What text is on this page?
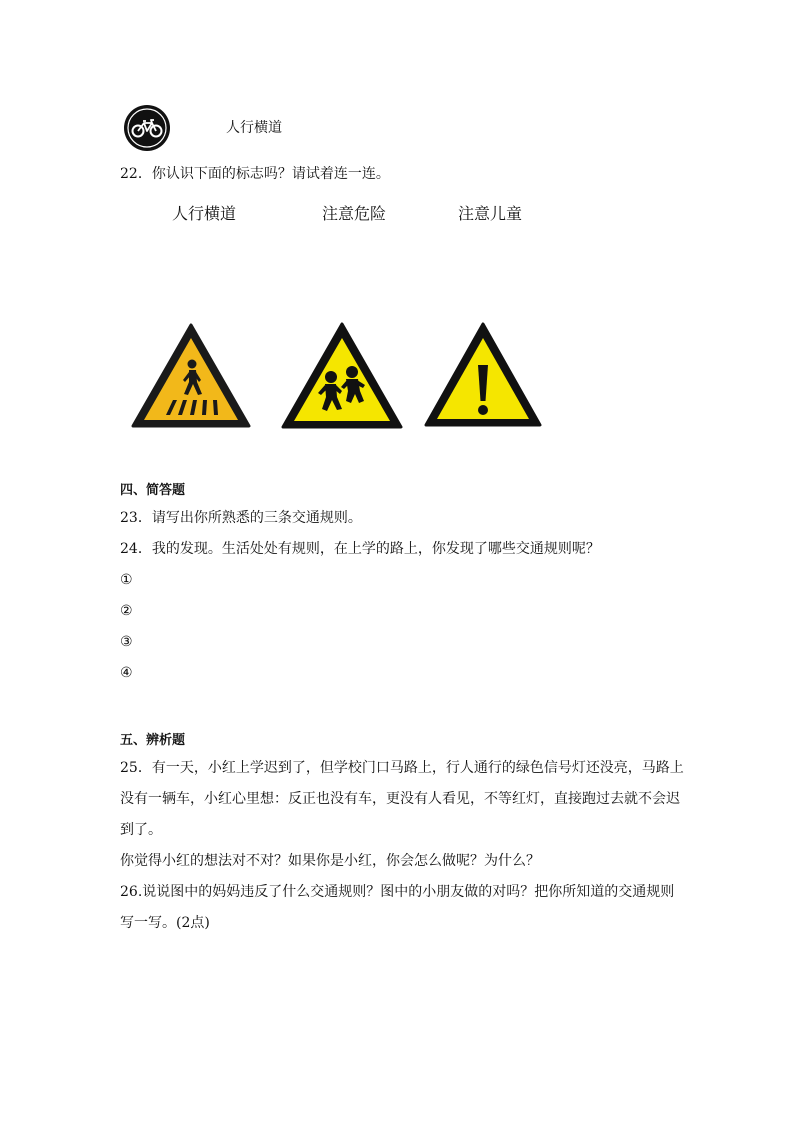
人行横道
22．你认识下面的标志吗？请试着连一连。
人行横道	注意危险	注意儿童
四、简答题
23．请写出你所熟悉的三条交通规则。
24．我的发现。生活处处有规则，在上学的路上，你发现了哪些交通规则呢？
①
②
③
④
五、辨析题
25．有一天，小红上学迟到了，但学校门口马路上，行人通行的绿色信号灯还没亮，马路上
没有一辆车，小红心里想：反正也没有车，更没有人看见，不等红灯，直接跑过去就不会迟
到了。
你觉得小红的想法对不对？如果你是小红，你会怎么做呢？为什么？
26.说说图中的妈妈违反了什么交通规则？图中的小朋友做的对吗？把你所知道的交通规则
写一写。(2点)
